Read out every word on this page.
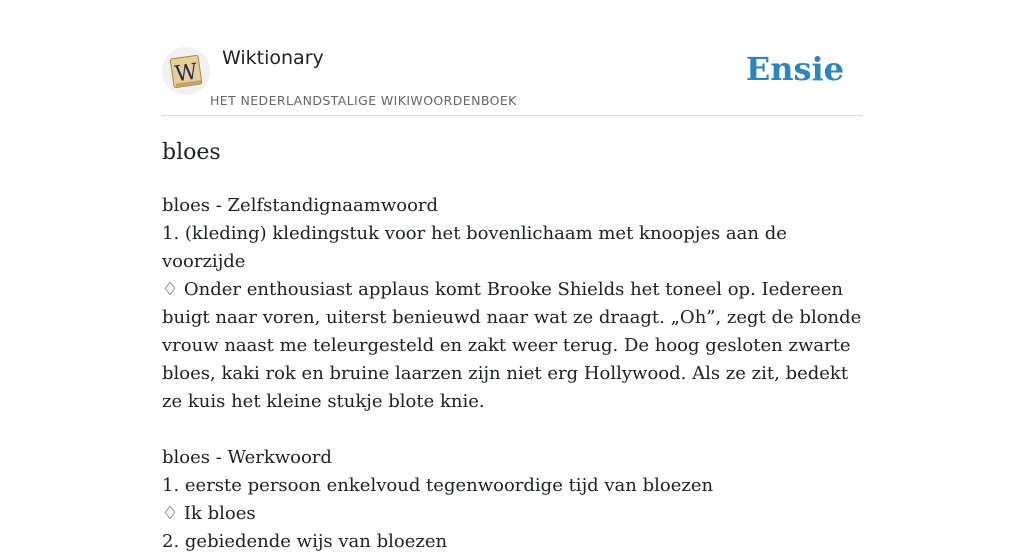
W
Wiktionary
HET NEDERLANDSTALIGE WIKIWOORDENBOEK
Ensie
bloes

bloes - Zelfstandignaamwoord

1. (kleding) kledingstuk voor het bovenlichaam met knoopjes aan de voorzijde

♢ Onder enthousiast applaus komt Brooke Shields het toneel op. Iedereen buigt naar voren, uiterst benieuwd naar wat ze draagt. „Oh”, zegt de blonde vrouw naast me teleurgesteld en zakt weer terug. De hoog gesloten zwarte bloes, kaki rok en bruine laarzen zijn niet erg Hollywood. Als ze zit, bedekt ze kuis het kleine stukje blote knie.

bloes - Werkwoord

1. eerste persoon enkelvoud tegenwoordige tijd van bloezen

♢ Ik bloes

2. gebiedende wijs van bloezen
